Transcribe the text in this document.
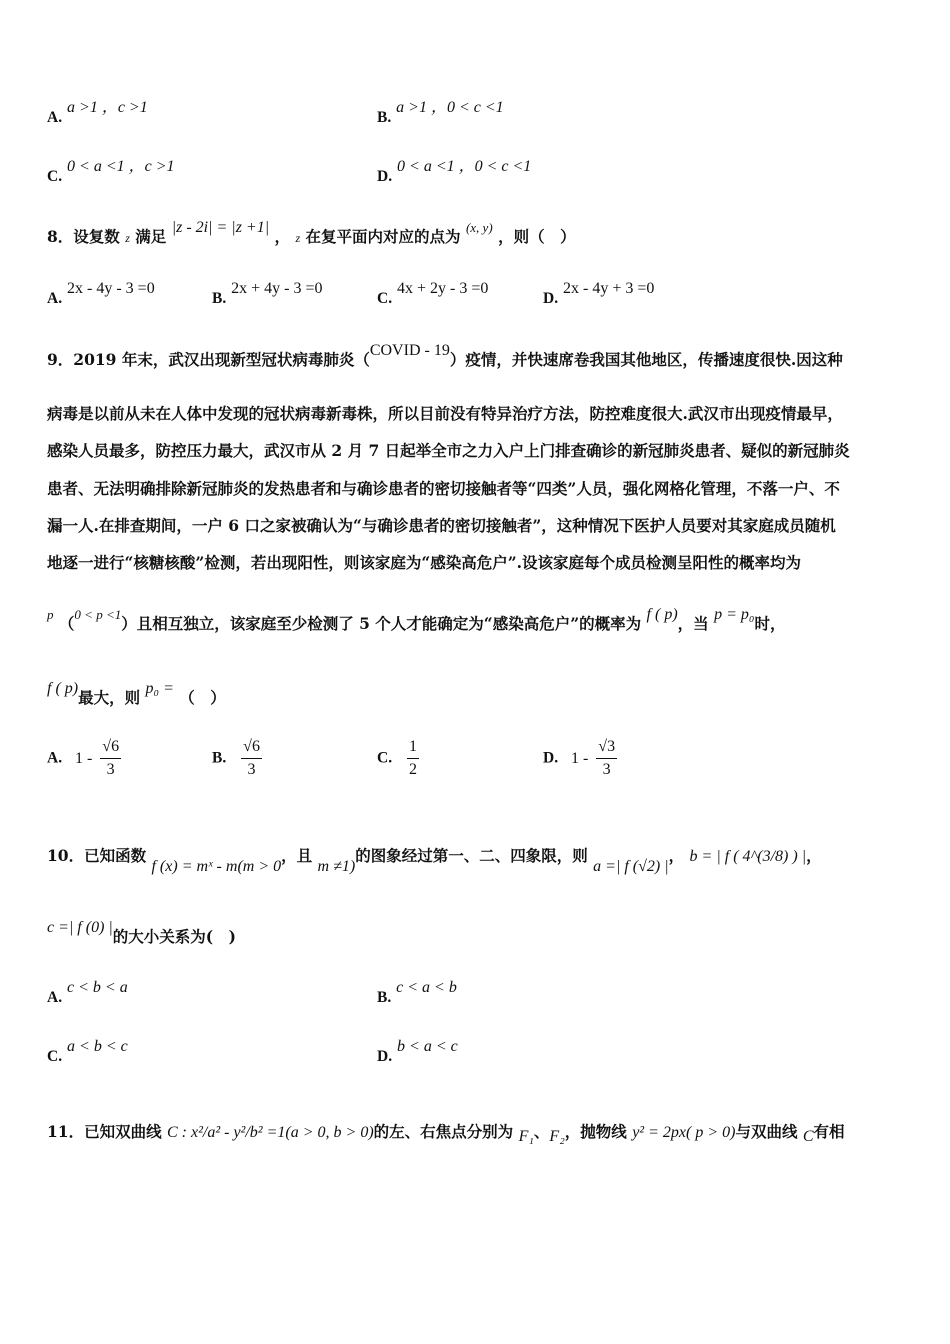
A. a >1 ，c >1
B. a >1 ，0 < c <1
C. 0 < a <1 ，c >1
D. 0 < a <1 ，0 < c <1
8．设复数 z 满足 |z - 2i| = |z +1| ， z 在复平面内对应的点为 $^{(x, y)}$ ，则（　）
A. 2x - 4y - 3 =0
B. 2x + 4y - 3 =0
C. 4x + 2y - 3 =0
D. 2x - 4y + 3 =0
9．2019 年末，武汉出现新型冠状病毒肺炎（COVID - 19）疫情，并快速席卷我国其他地区，传播速度很快.因这种
病毒是以前从未在人体中发现的冠状病毒新毒株，所以目前没有特异治疗方法，防控难度很大.武汉市出现疫情最早，
感染人员最多，防控压力最大，武汉市从 2 月 7 日起举全市之力入户上门排查确诊的新冠肺炎患者、疑似的新冠肺炎
患者、无法明确排除新冠肺炎的发热患者和与确诊患者的密切接触者等“四类”人员，强化网格化管理，不落一户、不
漏一人.在排查期间，一户 6 口之家被确认为“与确诊患者的密切接触者”，这种情况下医护人员要对其家庭成员随机
地逐一进行“核糖核酸”检测，若出现阳性，则该家庭为“感染高危户”.设该家庭每个成员检测呈阳性的概率均为
$^p$ （$^{0 < p <1}$）且相互独立，该家庭至少检测了 5 个人才能确定为“感染高危户”的概率为 f ( p)，当 p = p₀时，
f ( p)最大，则 p₀ = （　）
A. $1 - \frac{√6}{3}$	B. $\frac{√6}{3}$	C. $\frac{1}{2}$	D. $1 - \frac{√3}{3}$
10．已知函数 f (x) = mˣ - m(m > 0，且 m ≠1)的图象经过第一、二、四象限，则 a =| f (√2) |， b = | f ( 4^(3/8) ) |，
c =| f (0) |的大小关系为(　)
A. c < b < a
B. c < a < b
C. a < b < c
D. b < a < c
11．已知双曲线 C : x²/a² - y²/b² =1(a > 0, b > 0)的左、右焦点分别为 F₁、F₂，抛物线 y² = 2px( p > 0)与双曲线 C有相
